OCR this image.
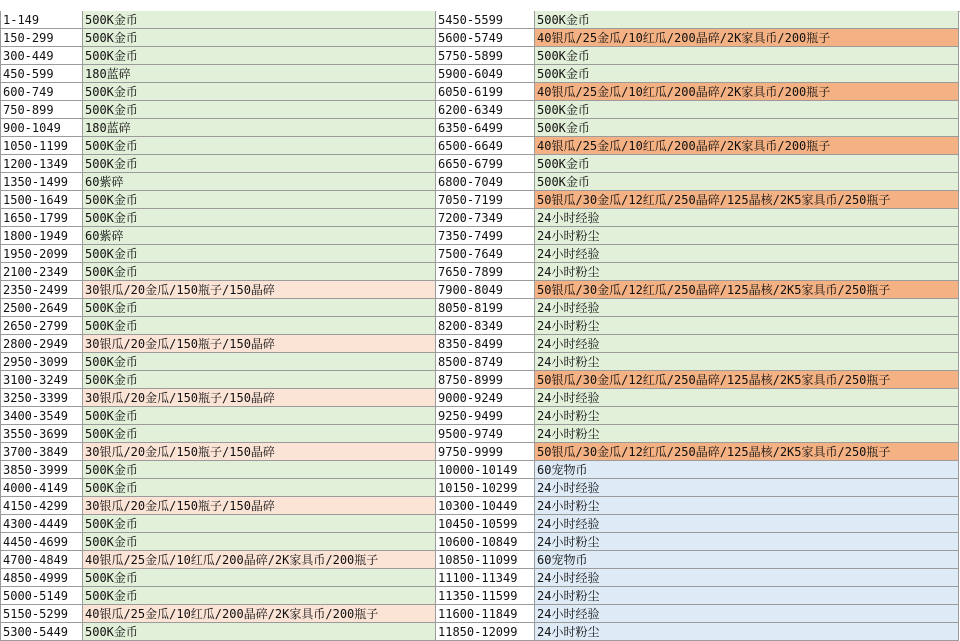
1-149	500K金币	5450-5599	500K金币
150-299	500K金币	5600-5749	40银瓜/25金瓜/10红瓜/200晶碎/2K家具币/200瓶子
300-449	500K金币	5750-5899	500K金币
450-599	180蓝碎	5900-6049	500K金币
600-749	500K金币	6050-6199	40银瓜/25金瓜/10红瓜/200晶碎/2K家具币/200瓶子
750-899	500K金币	6200-6349	500K金币
900-1049	180蓝碎	6350-6499	500K金币
1050-1199	500K金币	6500-6649	40银瓜/25金瓜/10红瓜/200晶碎/2K家具币/200瓶子
1200-1349	500K金币	6650-6799	500K金币
1350-1499	60紫碎	6800-7049	500K金币
1500-1649	500K金币	7050-7199	50银瓜/30金瓜/12红瓜/250晶碎/125晶核/2K5家具币/250瓶子
1650-1799	500K金币	7200-7349	24小时经验
1800-1949	60紫碎	7350-7499	24小时粉尘
1950-2099	500K金币	7500-7649	24小时经验
2100-2349	500K金币	7650-7899	24小时粉尘
2350-2499	30银瓜/20金瓜/150瓶子/150晶碎	7900-8049	50银瓜/30金瓜/12红瓜/250晶碎/125晶核/2K5家具币/250瓶子
2500-2649	500K金币	8050-8199	24小时经验
2650-2799	500K金币	8200-8349	24小时粉尘
2800-2949	30银瓜/20金瓜/150瓶子/150晶碎	8350-8499	24小时经验
2950-3099	500K金币	8500-8749	24小时粉尘
3100-3249	500K金币	8750-8999	50银瓜/30金瓜/12红瓜/250晶碎/125晶核/2K5家具币/250瓶子
3250-3399	30银瓜/20金瓜/150瓶子/150晶碎	9000-9249	24小时经验
3400-3549	500K金币	9250-9499	24小时粉尘
3550-3699	500K金币	9500-9749	24小时粉尘
3700-3849	30银瓜/20金瓜/150瓶子/150晶碎	9750-9999	50银瓜/30金瓜/12红瓜/250晶碎/125晶核/2K5家具币/250瓶子
3850-3999	500K金币	10000-10149	60宠物币
4000-4149	500K金币	10150-10299	24小时经验
4150-4299	30银瓜/20金瓜/150瓶子/150晶碎	10300-10449	24小时粉尘
4300-4449	500K金币	10450-10599	24小时经验
4450-4699	500K金币	10600-10849	24小时粉尘
4700-4849	40银瓜/25金瓜/10红瓜/200晶碎/2K家具币/200瓶子	10850-11099	60宠物币
4850-4999	500K金币	11100-11349	24小时经验
5000-5149	500K金币	11350-11599	24小时粉尘
5150-5299	40银瓜/25金瓜/10红瓜/200晶碎/2K家具币/200瓶子	11600-11849	24小时经验
5300-5449	500K金币	11850-12099	24小时粉尘
